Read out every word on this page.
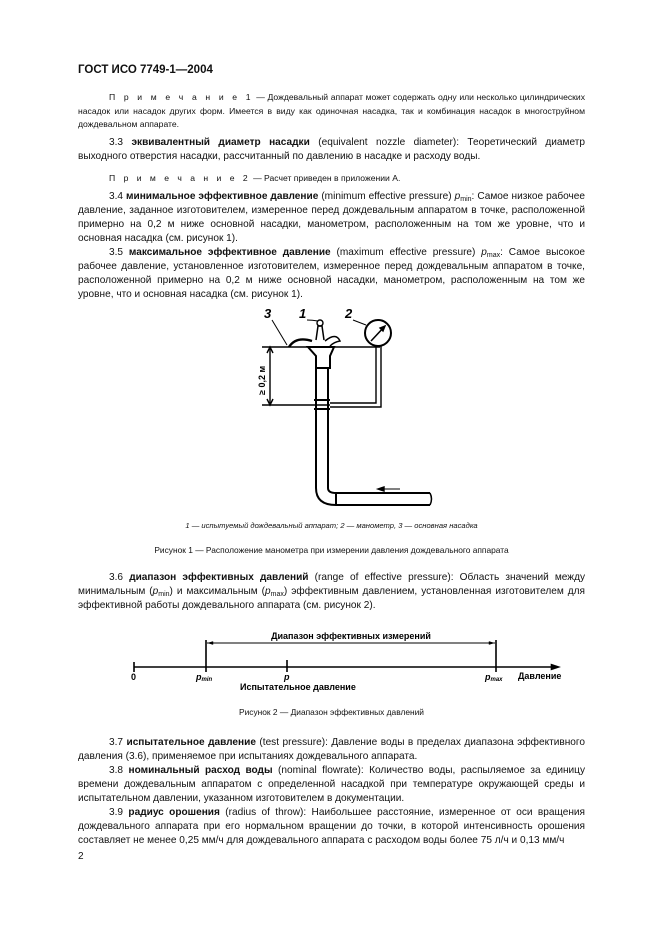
ГОСТ ИСО 7749-1—2004
П р и м е ч а н и е 1 — Дождевальный аппарат может содержать одну или несколько цилиндрических насадок или насадок других форм. Имеется в виду как одиночная насадка, так и комбинация насадок в многоструйном дождевальном аппарате.
3.3 эквивалентный диаметр насадки (equivalent nozzle diameter): Теоретический диаметр выходного отверстия насадки, рассчитанный по давлению в насадке и расходу воды.
П р и м е ч а н и е 2 — Расчет приведен в приложении А.
3.4 минимальное эффективное давление (minimum effective pressure) $p_{min}$: Самое низкое рабочее давление, заданное изготовителем, измеренное перед дождевальным аппаратом в точке, расположенной примерно на 0,2 м ниже основной насадки, манометром, расположенным на том же уровне, что и основная насадка (см. рисунок 1).
3.5 максимальное эффективное давление (maximum effective pressure) $p_{max}$: Самое высокое рабочее давление, установленное изготовителем, измеренное перед дождевальным аппаратом в точке, расположенной примерно на 0,2 м ниже основной насадки, манометром, расположенным на том же уровне, что и основная насадка (см. рисунок 1).
3 1	2
≥ 0,2 м
Диапазон эффективных измерений
0	pmin	p	pmax Давление
Испытательное давление
1 — испытуемый дождевальный аппарат; 2 — манометр, 3 — основная насадка
Рисунок 1 — Расположение манометра при измерении давления дождевального аппарата
3.6 диапазон эффективных давлений (range of effective pressure): Область значений между минимальным $(p_{min})$ и максимальным $(p_{max})$ эффективным давлением, установленная изготовителем для эффективной работы дождевального аппарата (см. рисунок 2).
Рисунок 2 — Диапазон эффективных давлений
3.7 испытательное давление (test pressure): Давление воды в пределах диапазона эффективного давления (3.6), применяемое при испытаниях дождевального аппарата.
3.8 номинальный расход воды (nominal flowrate): Количество воды, распыляемое за единицу времени дождевальным аппаратом с определенной насадкой при температуре окружающей среды и испытательном давлении, указанном изготовителем в документации.
3.9 радиус орошения (radius of throw): Наибольшее расстояние, измеренное от оси вращения дождевального аппарата при его нормальном вращении до точки, в которой интенсивность орошения составляет не менее 0,25 мм/ч для дождевального аппарата с расходом воды более 75 л/ч и 0,13 мм/ч
2
